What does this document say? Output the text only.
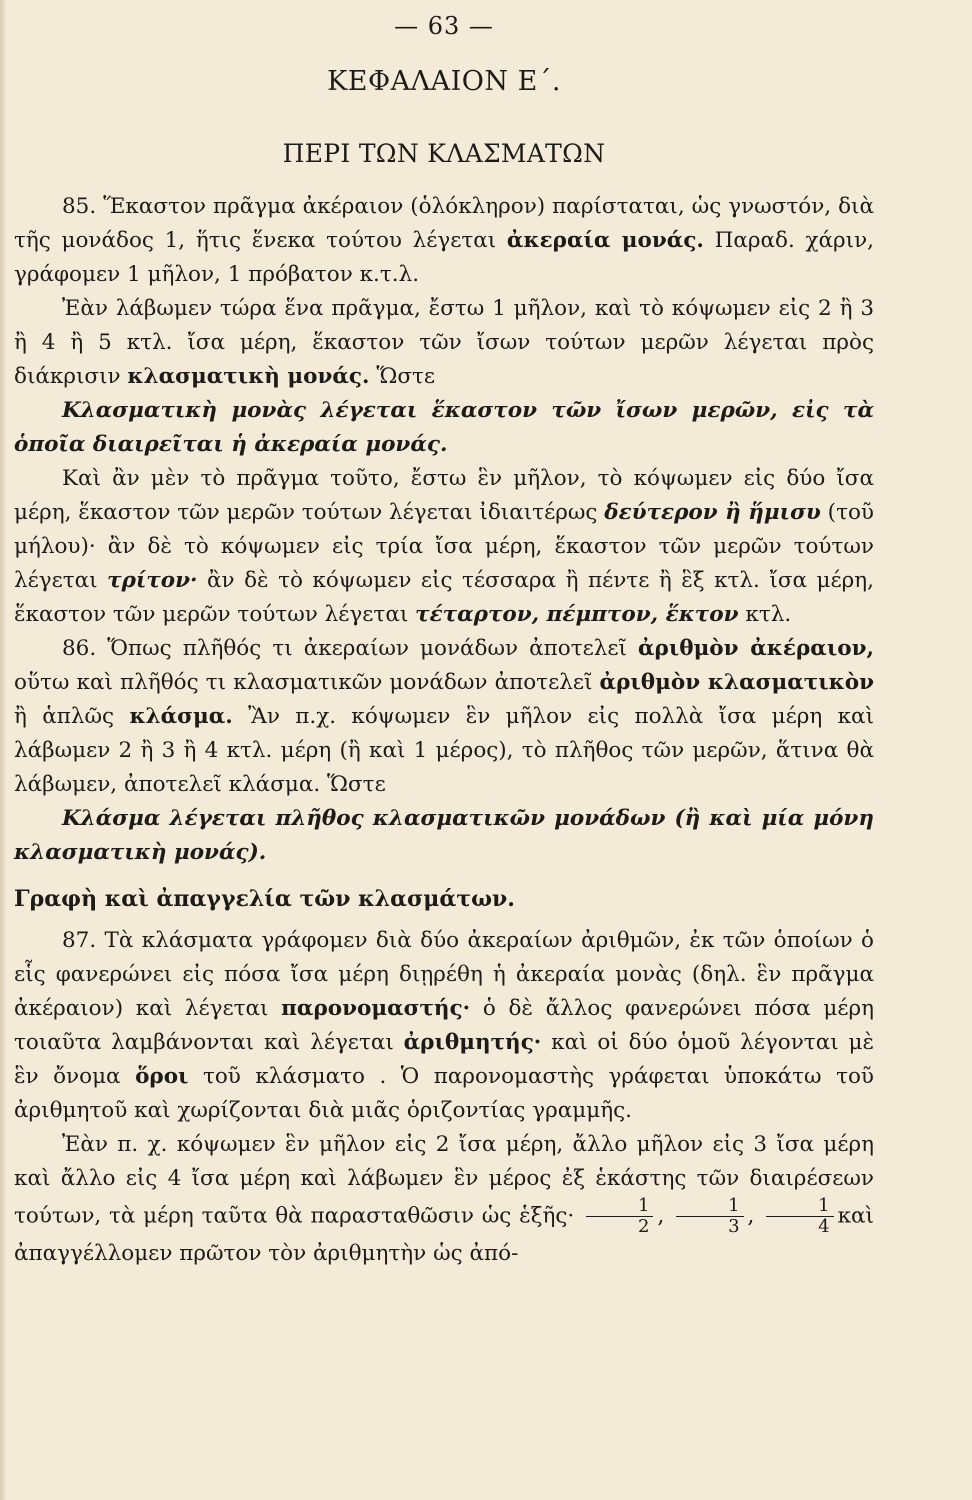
— 63 —
ΚΕΦΑΛΑΙΟΝ Ε΄.
ΠΕΡΙ ΤΩΝ ΚΛΑΣΜΑΤΩΝ

85. Ἕκαστον πρᾶγμα ἀκέραιον (ὁλόκληρον) παρίσταται, ὡς γνωστόν, διὰ τῆς μονάδος 1, ἥτις ἕνεκα τούτου λέγεται ἀκεραία μονάς. Παραδ. χάριν, γράφομεν 1 μῆλον, 1 πρόβατον κ.τ.λ.

Ἐὰν λάβωμεν τώρα ἕνα πρᾶγμα, ἔστω 1 μῆλον, καὶ τὸ κόψωμεν εἰς 2 ἢ 3 ἢ 4 ἢ 5 κτλ. ἴσα μέρη, ἕκαστον τῶν ἴσων τούτων μερῶν λέγεται πρὸς διάκρισιν κλασματικὴ μονάς. Ὥστε

Κλασματικὴ μονὰς λέγεται ἕκαστον τῶν ἴσων μερῶν, εἰς τὰ ὁποῖα διαιρεῖται ἡ ἀκεραία μονάς.

Καὶ ἂν μὲν τὸ πρᾶγμα τοῦτο, ἔστω ἓν μῆλον, τὸ κόψωμεν εἰς δύο ἴσα μέρη, ἕκαστον τῶν μερῶν τούτων λέγεται ἰδιαιτέρως δεύτερον ἢ ἥμισυ (τοῦ μήλου)· ἂν δὲ τὸ κόψωμεν εἰς τρία ἴσα μέρη, ἕκαστον τῶν μερῶν τούτων λέγεται τρίτον· ἂν δὲ τὸ κόψωμεν εἰς τέσσαρα ἢ πέντε ἢ ἓξ κτλ. ἴσα μέρη, ἕκαστον τῶν μερῶν τούτων λέγεται τέταρτον, πέμπτον, ἕκτον κτλ.

86. Ὅπως πλῆθός τι ἀκεραίων μονάδων ἀποτελεῖ ἀριθμὸν ἀκέραιον, οὕτω καὶ πλῆθός τι κλασματικῶν μονάδων ἀποτελεῖ ἀριθμὸν κλασματικὸν ἢ ἁπλῶς κλάσμα. Ἂν π.χ. κόψωμεν ἓν μῆλον εἰς πολλὰ ἴσα μέρη καὶ λάβωμεν 2 ἢ 3 ἢ 4 κτλ. μέρη (ἢ καὶ 1 μέρος), τὸ πλῆθος τῶν μερῶν, ἅτινα θὰ λάβωμεν, ἀποτελεῖ κλάσμα. Ὥστε

Κλάσμα λέγεται πλῆθος κλασματικῶν μονάδων (ἢ καὶ μία μόνη κλασματικὴ μονάς).

Γραφὴ καὶ ἀπαγγελία τῶν κλασμάτων.

87. Τὰ κλάσματα γράφομεν διὰ δύο ἀκεραίων ἀριθμῶν, ἐκ τῶν ὁποίων ὁ εἷς φανερώνει εἰς πόσα ἴσα μέρη διῃρέθη ἡ ἀκεραία μονὰς (δηλ. ἓν πρᾶγμα ἀκέραιον) καὶ λέγεται παρονομαστής· ὁ δὲ ἄλλος φανερώνει πόσα μέρη τοιαῦτα λαμβάνονται καὶ λέγεται ἀριθμητής· καὶ οἱ δύο ὁμοῦ λέγονται μὲ ἓν ὄνομα ὅροι τοῦ κλάσματο . Ὁ παρονομαστὴς γράφεται ὑποκάτω τοῦ ἀριθμητοῦ καὶ χωρίζονται διὰ μιᾶς ὁριζοντίας γραμμῆς.

Ἐὰν π. χ. κόψωμεν ἓν μῆλον εἰς 2 ἴσα μέρη, ἄλλο μῆλον εἰς 3 ἴσα μέρη καὶ ἄλλο εἰς 4 ἴσα μέρη καὶ λάβωμεν ἓν μέρος ἐξ ἑκάστης τῶν διαιρέσεων τούτων, τὰ μέρη ταῦτα θὰ παρασταθῶσιν ὡς ἑξῆς· $\frac{1}{2}$ , $\frac{1}{3}$ , $\frac{1}{4}$ καὶ ἀπαγγέλλομεν πρῶτον τὸν ἀριθμητὴν ὡς ἀπό-
